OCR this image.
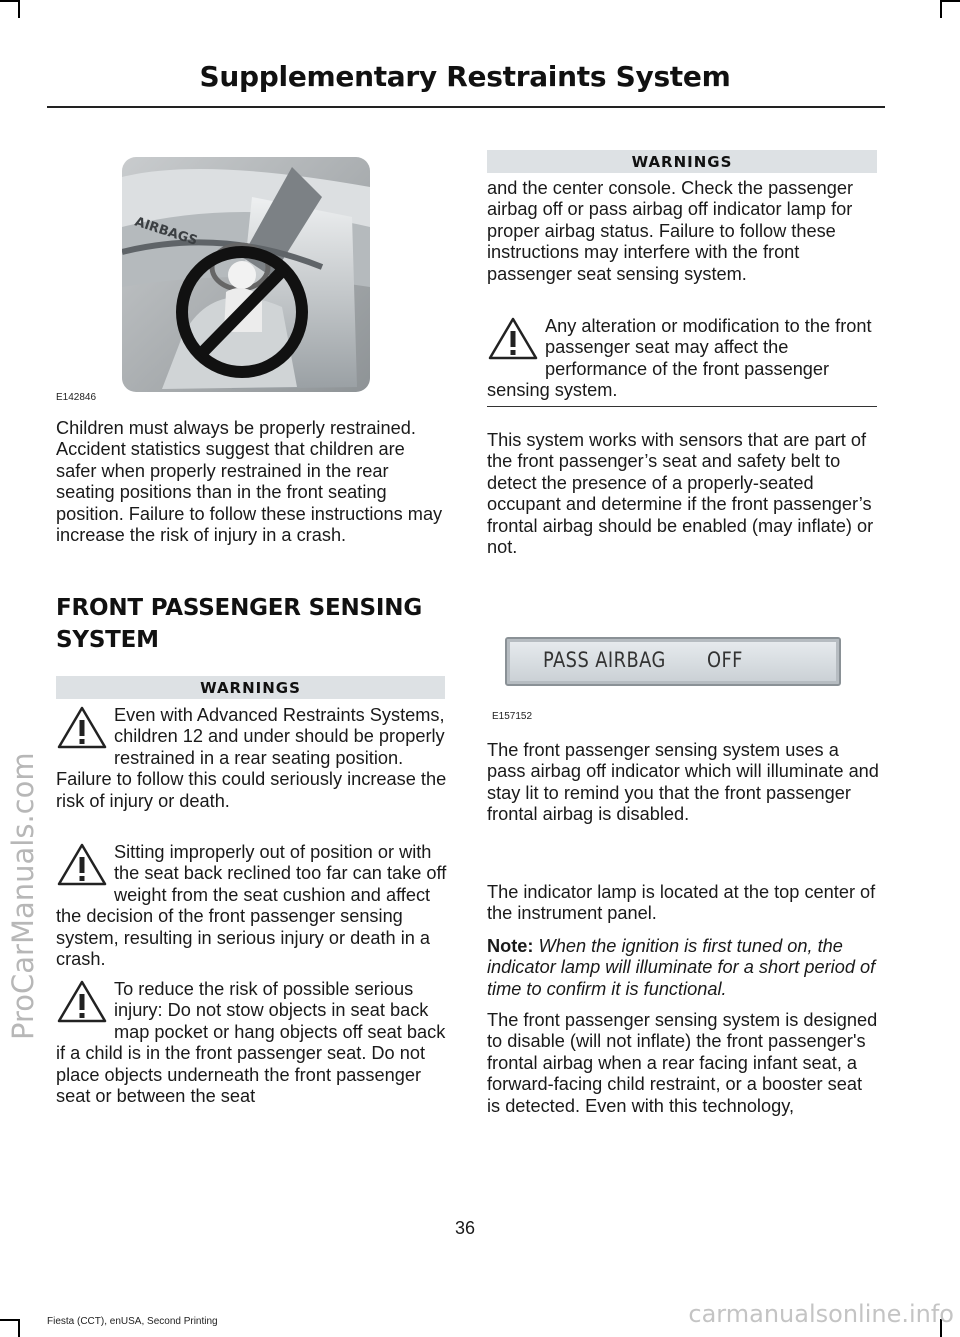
Supplementary Restraints System
AIRBAGS
E142846

Children must always be properly restrained. Accident statistics suggest that children are safer when properly restrained in the rear seating positions than in the front seating position. Failure to follow these instructions may increase the risk of injury in a crash.

FRONT PASSENGER SENSING SYSTEM
WARNINGS

Even with Advanced Restraints Systems, children 12 and under should be properly restrained in a rear seating position. Failure to follow this could seriously increase the risk of injury or death.

Sitting improperly out of position or with the seat back reclined too far can take off weight from the seat cushion and affect the decision of the front passenger sensing system, resulting in serious injury or death in a crash.

To reduce the risk of possible serious injury: Do not stow objects in seat back map pocket or hang objects off seat back if a child is in the front passenger seat. Do not place objects underneath the front passenger seat or between the seat

WARNINGS

and the center console. Check the passenger airbag off or pass airbag off indicator lamp for proper airbag status. Failure to follow these instructions may interfere with the front passenger seat sensing system.

Any alteration or modification to the front passenger seat may affect the performance of the front passenger sensing system.

This system works with sensors that are part of the front passenger’s seat and safety belt to detect the presence of a properly-seated occupant and determine if the front passenger’s frontal airbag should be enabled (may inflate) or not.

PASS AIRBAG OFF
E157152

The front passenger sensing system uses a pass airbag off indicator which will illuminate and stay lit to remind you that the front passenger frontal airbag is disabled.

The indicator lamp is located at the top center of the instrument panel.

Note: When the ignition is first tuned on, the indicator lamp will illuminate for a short period of time to confirm it is functional.

The front passenger sensing system is designed to disable (will not inflate) the front passenger's frontal airbag when a rear facing infant seat, a forward-facing child restraint, or a booster seat is detected. Even with this technology,

36
Fiesta (CCT), enUSA, Second Printing
ProCarManuals.com
carmanualsonline.info
